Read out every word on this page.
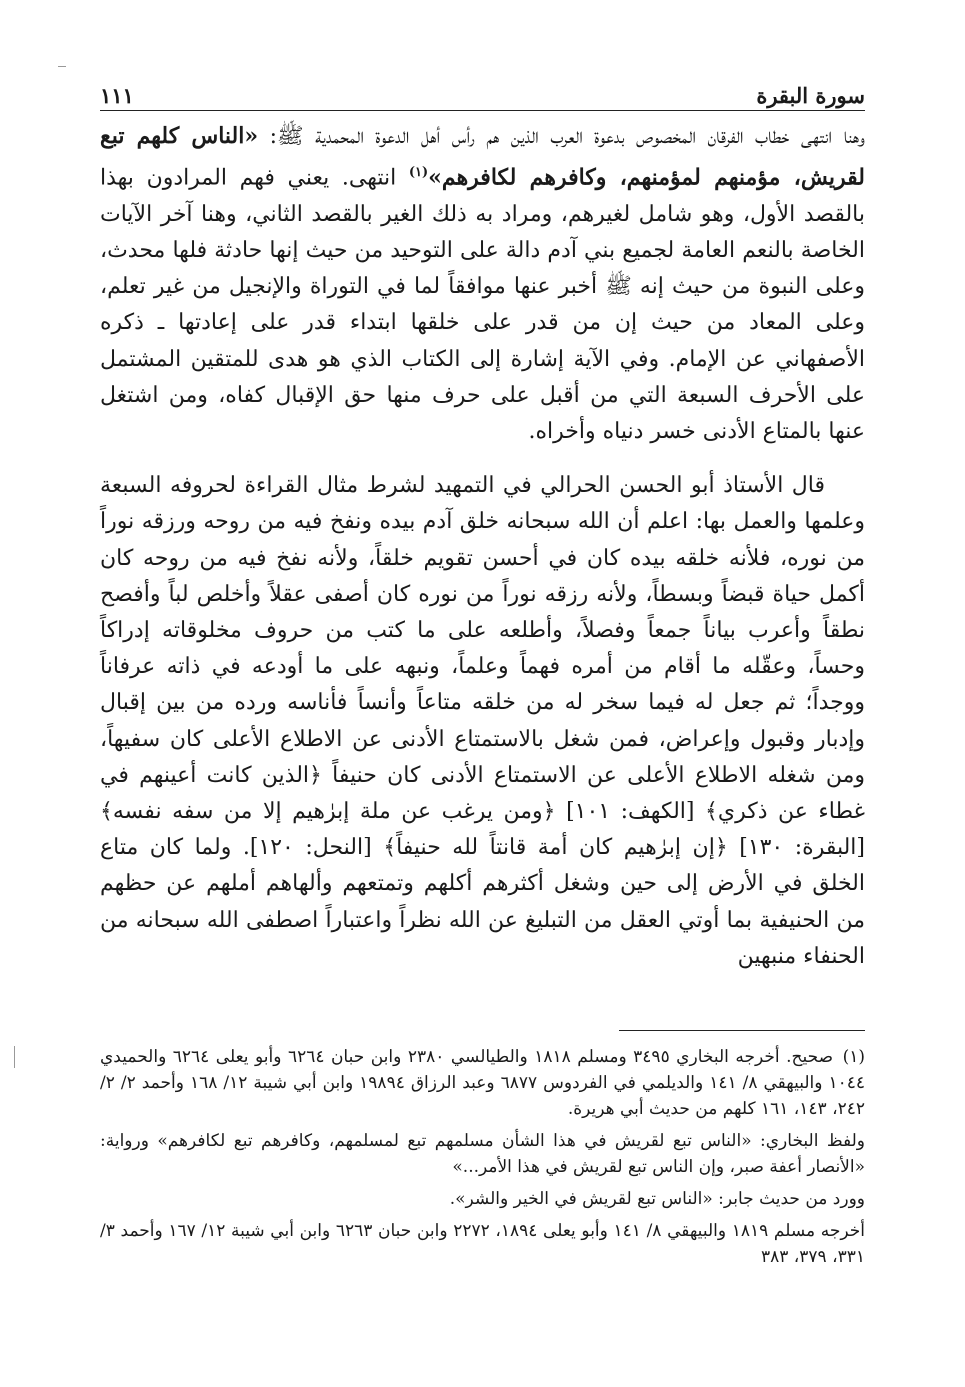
سورة البقرة
١١١

وهنا انتهى خطاب الفرقان المخصوص بدعوة العرب الذين هم رأس أهل الدعوة المحمدية ﷺ: «الناس كلهم تبع لقريش، مؤمنهم لمؤمنهم، وكافرهم لكافرهم»$^{(١)}$ انتهى. يعني فهم المرادون بهذا بالقصد الأول، وهو شامل لغيرهم، ومراد به ذلك الغير بالقصد الثاني، وهنا آخر الآيات الخاصة بالنعم العامة لجميع بني آدم دالة على التوحيد من حيث إنها حادثة فلها محدث، وعلى النبوة من حيث إنه ﷺ أخبر عنها موافقاً لما في التوراة والإنجيل من غير تعلم، وعلى المعاد من حيث إن من قدر على خلقها ابتداء قدر على إعادتها ـ ذكره الأصفهاني عن الإمام. وفي الآية إشارة إلى الكتاب الذي هو هدى للمتقين المشتمل على الأحرف السبعة التي من أقبل على حرف منها حق الإقبال كفاه، ومن اشتغل عنها بالمتاع الأدنى خسر دنياه وأخراه.

قال الأستاذ أبو الحسن الحرالي في التمهيد لشرط مثال القراءة لحروفه السبعة وعلمها والعمل بها: اعلم أن الله سبحانه خلق آدم بيده ونفخ فيه من روحه ورزقه نوراً من نوره، فلأنه خلقه بيده كان في أحسن تقويم خلقاً، ولأنه نفخ فيه من روحه كان أكمل حياة قبضاً وبسطاً، ولأنه رزقه نوراً من نوره كان أصفى عقلاً وأخلص لباً وأفصح نطقاً وأعرب بياناً جمعاً وفصلاً، وأطلعه على ما كتب من حروف مخلوقاته إدراكاً وحساً، وعقّله ما أقام من أمره فهماً وعلماً، ونبهه على ما أودعه في ذاته عرفاناً ووجداً؛ ثم جعل له فيما سخر له من خلقه متاعاً وأنساً فأناسه ورده من بين إقبال وإدبار وقبول وإعراض، فمن شغل بالاستمتاع الأدنى عن الاطلاع الأعلى كان سفيهاً، ومن شغله الاطلاع الأعلى عن الاستمتاع الأدنى كان حنيفاً ﴿الذين كانت أعينهم في غطاء عن ذكري﴾ [الكهف: ١٠١] ﴿ومن يرغب عن ملة إبرٰهيم إلا من سفه نفسه﴾ [البقرة: ١٣٠] ﴿إن إبرٰهيم كان أمة قانتاً لله حنيفاً﴾ [النحل: ١٢٠]. ولما كان متاع الخلق في الأرض إلى حين وشغل أكثرهم أكلهم وتمتعهم وألهاهم أملهم عن حظهم من الحنيفية بما أوتي العقل من التبليغ عن الله نظراً واعتباراً اصطفى الله سبحانه من الحنفاء منبهين

(١)صحيح. أخرجه البخاري ٣٤٩٥ ومسلم ١٨١٨ والطيالسي ٢٣٨٠ وابن حبان ٦٢٦٤ وأبو يعلى ٦٢٦٤ والحميدي ١٠٤٤ والبيهقي ٨/ ١٤١ والديلمي في الفردوس ٦٨٧٧ وعبد الرزاق ١٩٨٩٤ وابن أبي شيبة ١٢/ ١٦٨ وأحمد ٢/ ٢/ ٢٤٢، ١٤٣، ١٦١ كلهم من حديث أبي هريرة.

ولفظ البخاري: «الناس تبع لقريش في هذا الشأن مسلمهم تبع لمسلمهم، وكافرهم تبع لكافرهم» ورواية: «الأنصار أعفة صبر، وإن الناس تبع لقريش في هذا الأمر...»

وورد من حديث جابر: «الناس تبع لقريش في الخير والشر».

أخرجه مسلم ١٨١٩ والبيهقي ٨/ ١٤١ وأبو يعلى ١٨٩٤، ٢٢٧٢ وابن حبان ٦٢٦٣ وابن أبي شيبة ١٢/ ١٦٧ وأحمد ٣/ ٣٣١، ٣٧٩، ٣٨٣
